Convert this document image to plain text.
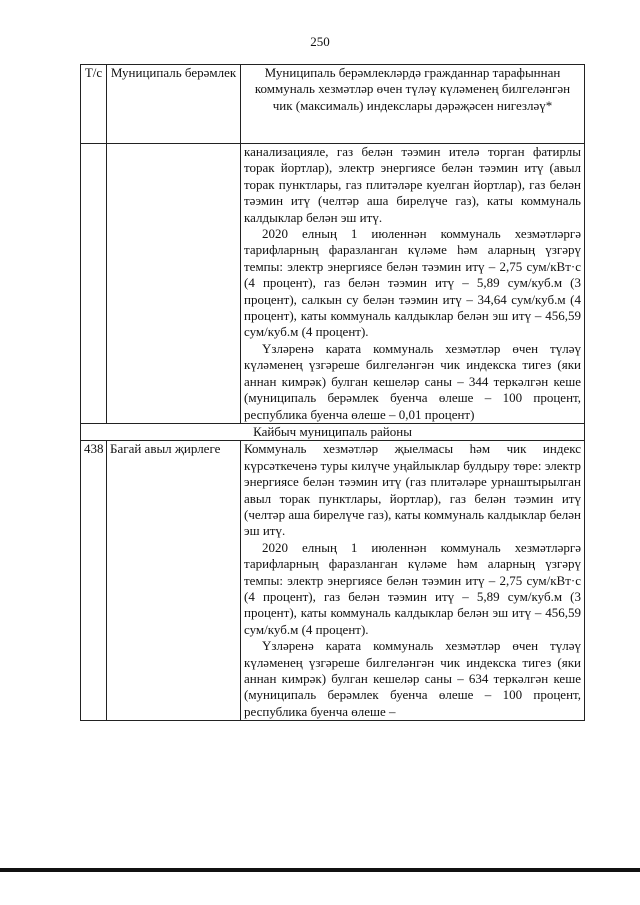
250
Т/с	Муниципаль берәмлек	Муниципаль берәмлекләрдә гражданнар тарафыннан коммуналь хезмәтләр өчен түләү күләменең билгеләнгән чик (максималь) индекслары дәрәҗәсен нигезләү*

		канализацияле, газ белән тәэмин ителә торган фатирлы торак йортлар), электр энергиясе белән тәэмин итү (авыл торак пунктлары, газ плитәләре куелган йортлар), газ белән тәэмин итү (челтәр аша бирелүче газ), каты коммуналь калдыклар белән эш итү.

2020 елның 1 июленнән коммуналь хезмәтләргә тарифларның фаразланган күләме һәм аларның үзгәрү темпы: электр энергиясе белән тәэмин итү – 2,75 сум/кВт·с (4 процент), газ белән тәэмин итү – 5,89 сум/куб.м (3 процент), салкын су белән тәэмин итү – 34,64 сум/куб.м (4 процент), каты коммуналь калдыклар белән эш итү – 456,59 сум/куб.м (4 процент).

Үзләренә карата коммуналь хезмәтләр өчен түләү күләменең үзгәреше билгеләнгән чик индекска тигез (яки аннан кимрәк) булган кешеләр саны – 344 теркәлгән кеше (муниципаль берәмлек буенча өлеше – 100 процент, республика буенча өлеше – 0,01 процент)

Кайбыч муниципаль районы		
438	Багай авыл җирлеге	Коммуналь хезмәтләр җыелмасы һәм чик индекс күрсәткеченә туры килүче уңайлыклар булдыру төре: электр энергиясе белән тәэмин итү (газ плитәләре урнаштырылган авыл торак пунктлары, йортлар), газ белән тәэмин итү (челтәр аша бирелүче газ), каты коммуналь калдыклар белән эш итү.

2020 елның 1 июленнән коммуналь хезмәтләргә тарифларның фаразланган күләме һәм аларның үзгәрү темпы: электр энергиясе белән тәэмин итү – 2,75 сум/кВт·с (4 процент), газ белән тәэмин итү – 5,89 сум/куб.м (3 процент), каты коммуналь калдыклар белән эш итү – 456,59 сум/куб.м (4 процент).

Үзләренә карата коммуналь хезмәтләр өчен түләү күләменең үзгәреше билгеләнгән чик индекска тигез (яки аннан кимрәк) булган кешеләр саны – 634 теркәлгән кеше (муниципаль берәмлек буенча өлеше – 100 процент, республика буенча өлеше –
